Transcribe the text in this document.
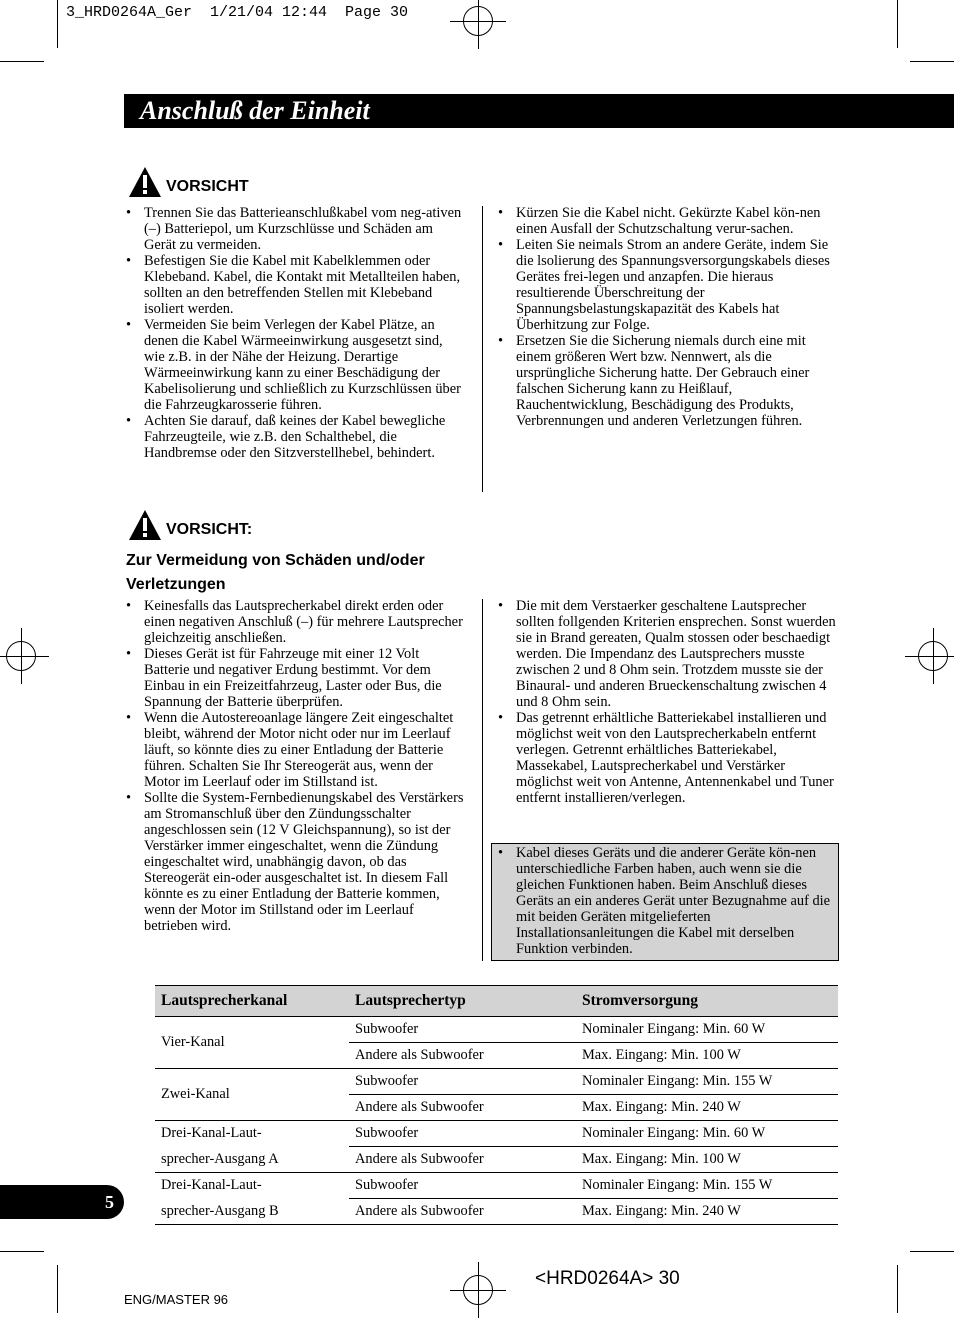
3_HRD0264A_Ger  1/21/04 12:44  Page 30
Anschluß der Einheit
VORSICHT
• Trennen Sie das Batterieanschlußkabel vom neg-ativen (–) Batteriepol, um Kurzschlüsse und Schäden am Gerät zu vermeiden.
• Befestigen Sie die Kabel mit Kabelklemmen oder Klebeband. Kabel, die Kontakt mit Metallteilen haben, sollten an den betreffenden Stellen mit Klebeband isoliert werden.
• Vermeiden Sie beim Verlegen der Kabel Plätze, an denen die Kabel Wärmeeinwirkung ausgesetzt sind, wie z.B. in der Nähe der Heizung. Derartige Wärmeeinwirkung kann zu einer Beschädigung der Kabelisolierung und schließlich zu Kurzschlüssen über die Fahrzeugkarosserie führen.
• Achten Sie darauf, daß keines der Kabel bewegliche Fahrzeugteile, wie z.B. den Schalthebel, die Handbremse oder den Sitzverstellhebel, behindert.
• Kürzen Sie die Kabel nicht. Gekürzte Kabel kön-nen einen Ausfall der Schutzschaltung verur-sachen.
• Leiten Sie neimals Strom an andere Geräte, indem Sie die lsolierung des Spannungsversorgungskabels dieses Gerätes frei-legen und anzapfen. Die hieraus resultierende Überschreitung der Spannungsbelastungskapazität des Kabels hat Überhitzung zur Folge.
• Ersetzen Sie die Sicherung niemals durch eine mit einem größeren Wert bzw. Nennwert, als die ursprüngliche Sicherung hatte. Der Gebrauch einer falschen Sicherung kann zu Heißlauf, Rauchentwicklung, Beschädigung des Produkts, Verbrennungen und anderen Verletzungen führen.
VORSICHT:
Zur Vermeidung von Schäden und/oder
Verletzungen
• Keinesfalls das Lautsprecherkabel direkt erden oder einen negativen Anschluß (–) für mehrere Lautsprecher gleichzeitig anschließen.
• Dieses Gerät ist für Fahrzeuge mit einer 12 Volt Batterie und negativer Erdung bestimmt. Vor dem Einbau in ein Freizeitfahrzeug, Laster oder Bus, die Spannung der Batterie überprüfen.
• Wenn die Autostereoanlage längere Zeit eingeschaltet bleibt, während der Motor nicht oder nur im Leerlauf läuft, so könnte dies zu einer Entladung der Batterie führen. Schalten Sie Ihr Stereogerät aus, wenn der Motor im Leerlauf oder im Stillstand ist.
• Sollte die System-Fernbedienungskabel des Verstärkers am Stromanschluß über den Zündungsschalter angeschlossen sein (12 V Gleichspannung), so ist der Verstärker immer eingeschaltet, wenn die Zündung eingeschaltet wird, unabhängig davon, ob das Stereogerät ein-oder ausgeschaltet ist. In diesem Fall könnte es zu einer Entladung der Batterie kommen, wenn der Motor im Stillstand oder im Leerlauf betrieben wird.
• Die mit dem Verstaerker geschaltene Lautsprecher sollten follgenden Kriterien enspreсhen. Sonst wuerden sie in Brand gereaten, Qualm stossen oder beschaedigt werden. Die Impendanz des Lautsprechers musste zwischen 2 und 8 Ohm sein. Trotzdem musste sie der Binaural- und anderen Brueckenschaltung zwischen 4 und 8 Ohm sein.
• Das getrennt erhältliche Batteriekabel installieren und möglichst weit von den Lautsprecherkabeln entfernt verlegen. Getrennt erhältliches Batteriekabel, Massekabel, Lautsprecherkabel und Verstärker möglichst weit von Antenne, Antennenkabel und Tuner entfernt installieren/verlegen.
• Kabel dieses Geräts und die anderer Geräte kön-nen unterschiedliche Farben haben, auch wenn sie die gleichen Funktionen haben. Beim Anschluß dieses Geräts an ein anderes Gerät unter Bezugnahme auf die mit beiden Geräten mitgelieferten Installationsanleitungen die Kabel mit derselben Funktion verbinden.
Lautsprecherkanal	Lautsprechertyp	Stromversorgung
Vier-Kanal	Subwoofer	Nominaler Eingang: Min. 60 W
	Andere als Subwoofer	Max. Eingang: Min. 100 W
Zwei-Kanal	Subwoofer	Nominaler Eingang: Min. 155 W
	Andere als Subwoofer	Max. Eingang: Min. 240 W
Drei-Kanal-Laut-	Subwoofer	Nominaler Eingang: Min. 60 W
sprecher-Ausgang A	Andere als Subwoofer	Max. Eingang: Min. 100 W
Drei-Kanal-Laut-	Subwoofer	Nominaler Eingang: Min. 155 W
sprecher-Ausgang B	Andere als Subwoofer	Max. Eingang: Min. 240 W
5
<HRD0264A> 30
ENG/MASTER 96
